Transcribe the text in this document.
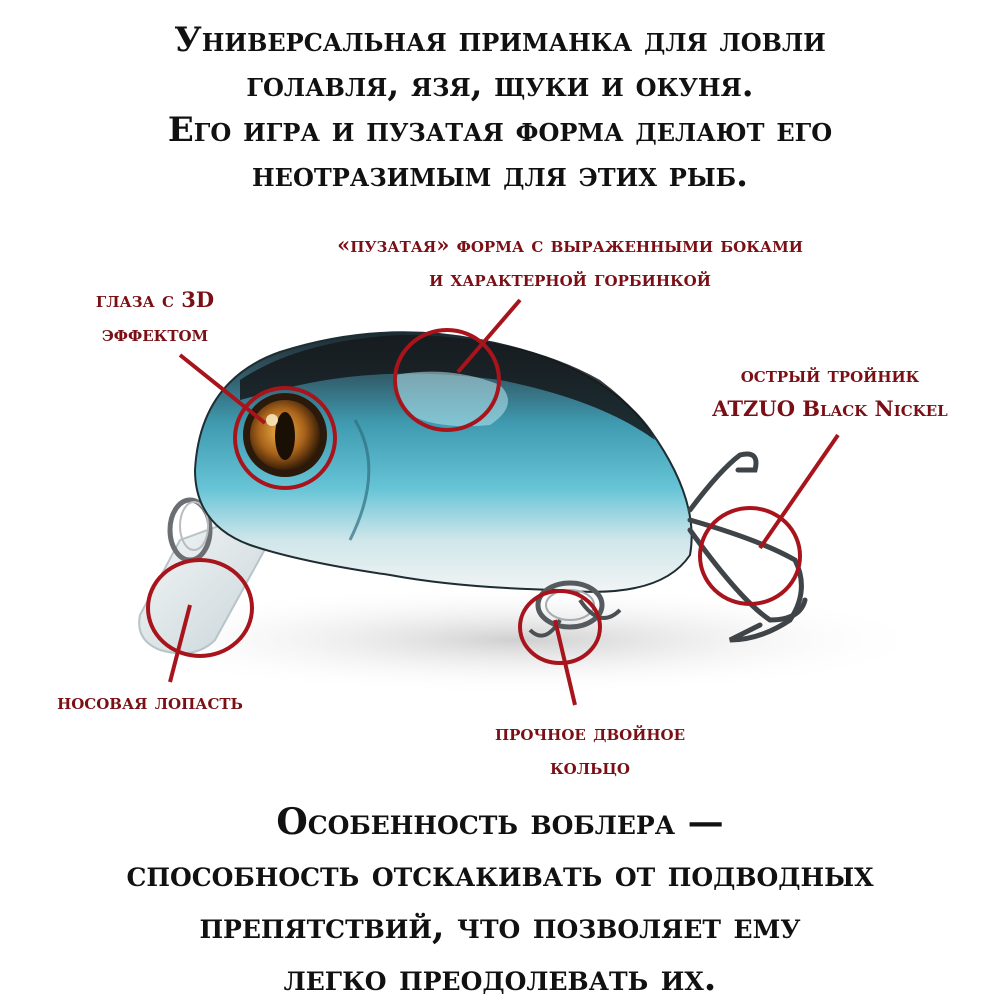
Универсальная приманка для ловли
голавля, язя, щуки и окуня.
Его игра и пузатая форма делают его
неотразимым для этих рыб.
«пузатая» форма с выраженными боками
и характерной горбинкой
глаза с 3D
эффектом
острый тройник
ATZUO Black Nickel
носовая лопасть
прочное двойное
кольцо
Особенность воблера —
способность отскакивать от подводных
препятствий, что позволяет ему
легко преодолевать их.
